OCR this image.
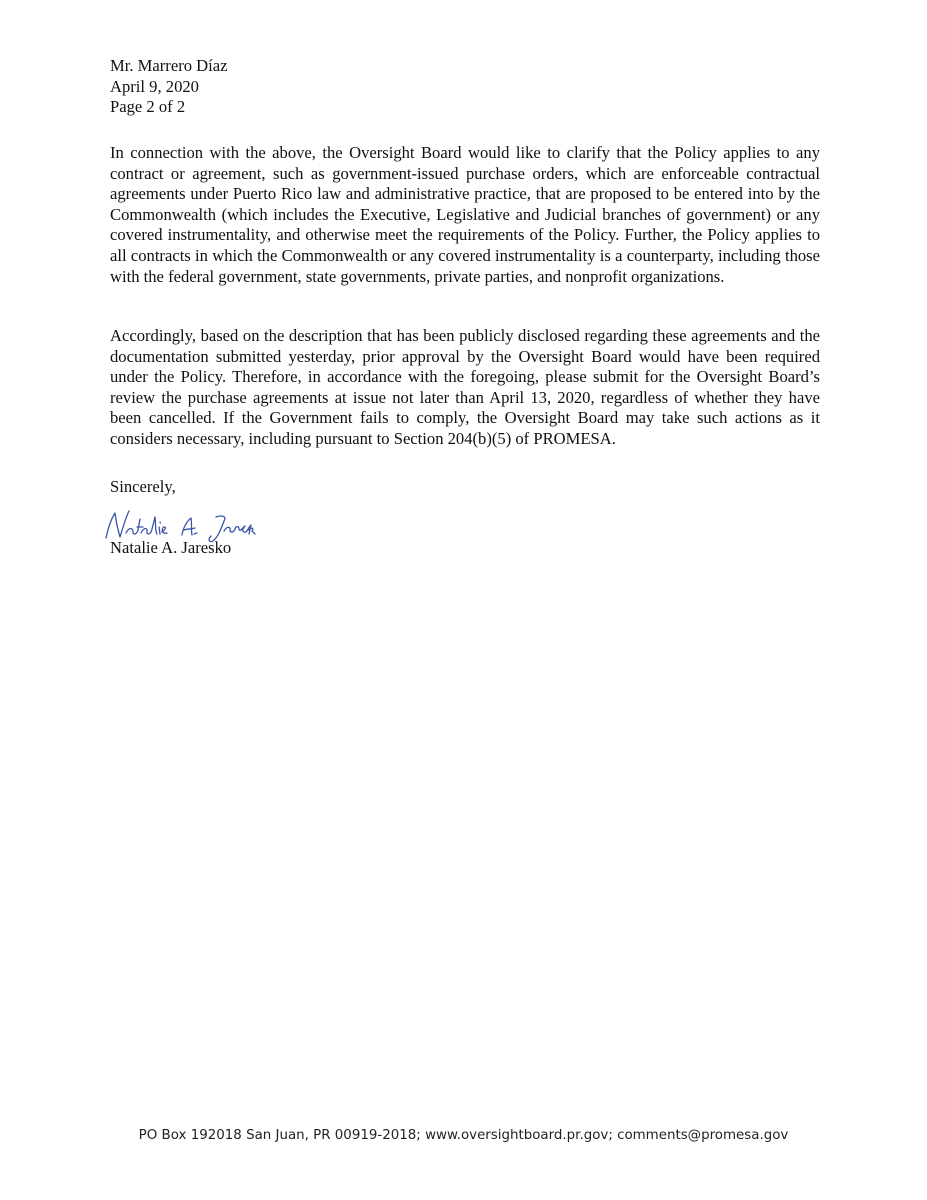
Mr. Marrero Díaz
April 9, 2020
Page 2 of 2
In connection with the above, the Oversight Board would like to clarify that the Policy applies to any contract or agreement, such as government-issued purchase orders, which are enforceable contractual agreements under Puerto Rico law and administrative practice, that are proposed to be entered into by the Commonwealth (which includes the Executive, Legislative and Judicial branches of government) or any covered instrumentality, and otherwise meet the requirements of the Policy. Further, the Policy applies to all contracts in which the Commonwealth or any covered instrumentality is a counterparty, including those with the federal government, state governments, private parties, and nonprofit organizations.
Accordingly, based on the description that has been publicly disclosed regarding these agreements and the documentation submitted yesterday, prior approval by the Oversight Board would have been required under the Policy. Therefore, in accordance with the foregoing, please submit for the Oversight Board’s review the purchase agreements at issue not later than April 13, 2020, regardless of whether they have been cancelled. If the Government fails to comply, the Oversight Board may take such actions as it considers necessary, including pursuant to Section 204(b)(5) of PROMESA.
Sincerely,
Natalie A. Jaresko
PO Box 192018 San Juan, PR 00919-2018; www.oversightboard.pr.gov; comments@promesa.gov
